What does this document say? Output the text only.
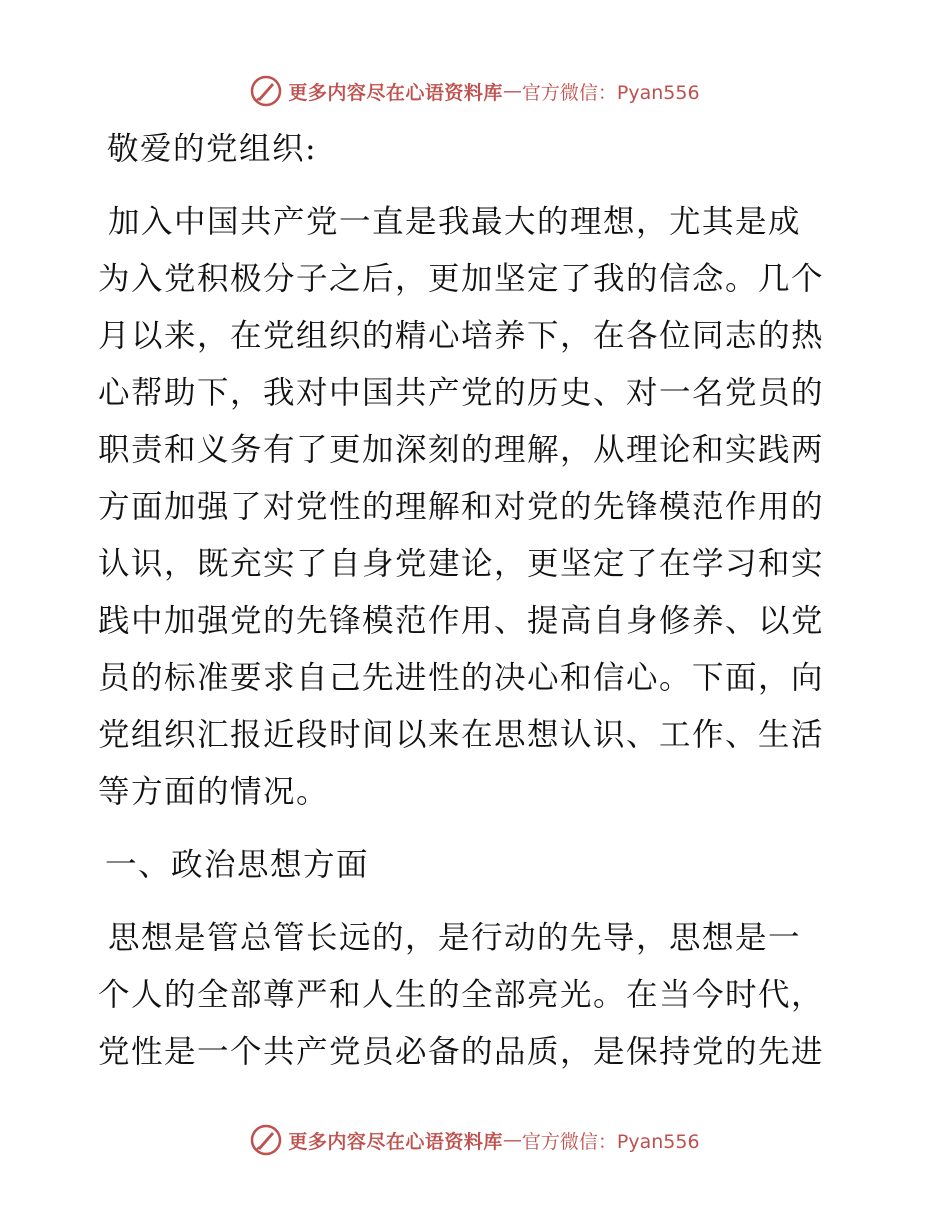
更多内容尽在心语资料库 — 官方微信：Pyan556
敬爱的党组织:
加入中国共产党一直是我最大的理想，尤其是成
为入党积极分子之后，更加坚定了我的信念。几个
月以来，在党组织的精心培养下，在各位同志的热
心帮助下，我对中国共产党的历史、对一名党员的
职责和义务有了更加深刻的理解，从理论和实践两
方面加强了对党性的理解和对党的先锋模范作用的
认识，既充实了自身党建论，更坚定了在学习和实
践中加强党的先锋模范作用、提高自身修养、以党
员的标准要求自己先进性的决心和信心。下面，向
党组织汇报近段时间以来在思想认识、工作、生活
等方面的情况。
一、政治思想方面
思想是管总管长远的，是行动的先导，思想是一
个人的全部尊严和人生的全部亮光。在当今时代，
党性是一个共产党员必备的品质，是保持党的先进
更多内容尽在心语资料库 — 官方微信：Pyan556
